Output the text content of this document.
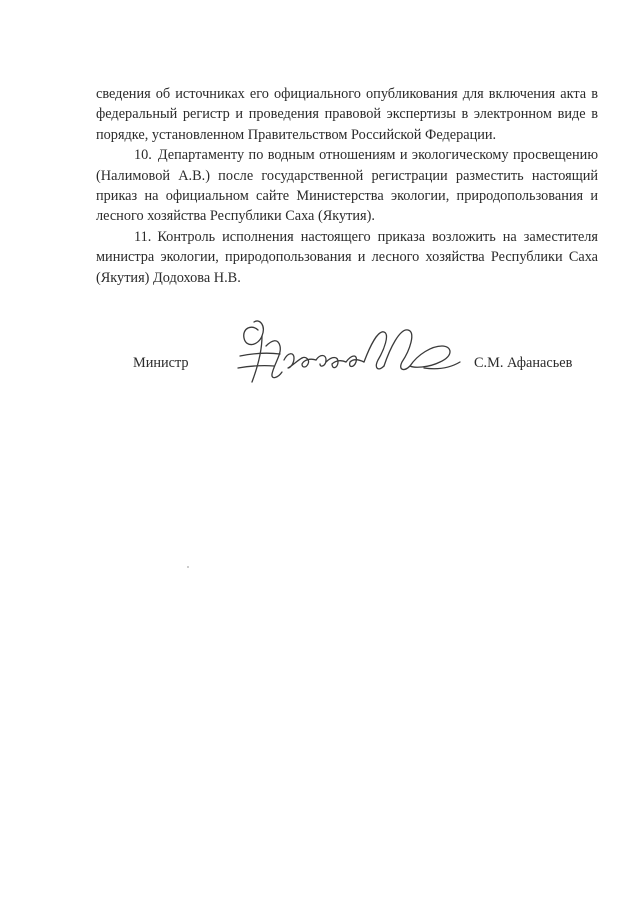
сведения об источниках его официального опубликования для включения акта в федеральный регистр и проведения правовой экспертизы в электронном виде в порядке, установленном Правительством Российской Федерации.

10. Департаменту по водным отношениям и экологическому просвещению (Налимовой А.В.) после государственной регистрации разместить настоящий приказ на официальном сайте Министерства экологии, природопользования и лесного хозяйства Республики Саха (Якутия).

11. Контроль исполнения настоящего приказа возложить на заместителя министра экологии, природопользования и лесного хозяйства Республики Саха (Якутия) Додохова Н.В.

Министр	С.М. Афанасьев
